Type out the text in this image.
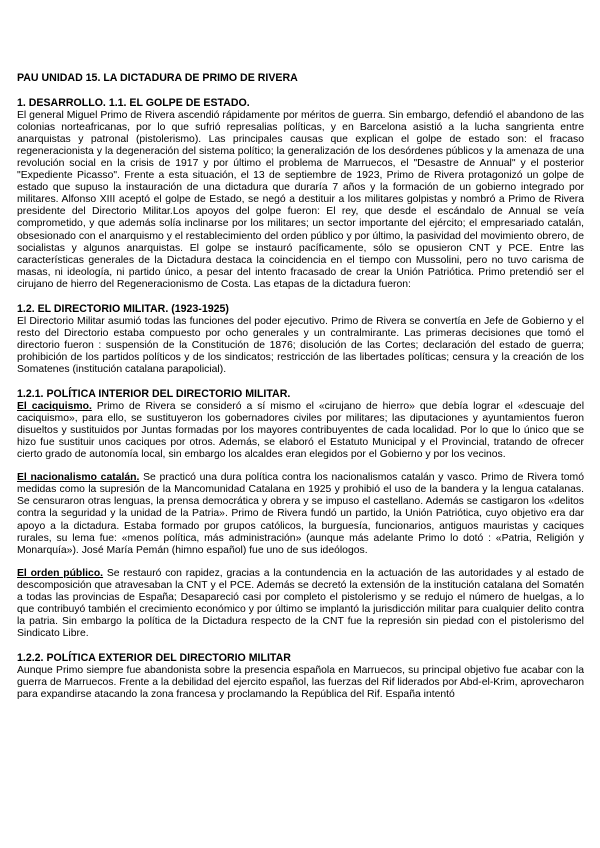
PAU UNIDAD 15. LA DICTADURA DE PRIMO DE RIVERA
1. DESARROLLO. 1.1. EL GOLPE DE ESTADO.

El general Miguel Primo de Rivera ascendió rápidamente por méritos de guerra. Sin embargo, defendió el abandono de las colonias norteafricanas, por lo que sufrió represalias políticas, y en Barcelona asistió a la lucha sangrienta entre anarquistas y patronal (pistolerismo). Las principales causas que explican el golpe de estado son: el fracaso regeneracionista y la degeneración del sistema político; la generalización de los desórdenes públicos y la amenaza de una revolución social en la crisis de 1917 y por último el problema de Marruecos, el "Desastre de Annual" y el posterior "Expediente Picasso". Frente a esta situación, el 13 de septiembre de 1923, Primo de Rivera protagonizó un golpe de estado que supuso la instauración de una dictadura que duraría 7 años y la formación de un gobierno integrado por militares. Alfonso XIII aceptó el golpe de Estado, se negó a destituir a los militares golpistas y nombró a Primo de Rivera presidente del Directorio Militar.Los apoyos del golpe fueron: El rey, que desde el escándalo de Annual se veía comprometido, y que además solía inclinarse por los militares; un sector importante del ejército; el empresariado catalán, obsesionado con el anarquismo y el restablecimiento del orden público y por último, la pasividad del movimiento obrero, de socialistas y algunos anarquistas. El golpe se instauró pacíficamente, sólo se opusieron CNT y PCE. Entre las características generales de la Dictadura destaca la coincidencia en el tiempo con Mussolini, pero no tuvo carisma de masas, ni ideología, ni partido único, a pesar del intento fracasado de crear la Unión Patriótica. Primo pretendió ser el cirujano de hierro del Regeneracionismo de Costa. Las etapas de la dictadura fueron:

1.2. EL DIRECTORIO MILITAR. (1923-1925)

El Directorio Militar asumió todas las funciones del poder ejecutivo. Primo de Rivera se convertía en Jefe de Gobierno y el resto del Directorio estaba compuesto por ocho generales y un contralmirante. Las primeras decisiones que tomó el directorio fueron : suspensión de la Constitución de 1876; disolución de las Cortes; declaración del estado de guerra; prohibición de los partidos políticos y de los sindicatos; restricción de las libertades políticas; censura y la creación de los Somatenes (institución catalana parapolicial).

1.2.1. POLÍTICA INTERIOR DEL DIRECTORIO MILITAR.

El caciquismo. Primo de Rivera se consideró a sí mismo el «cirujano de hierro» que debía lograr el «descuaje del caciquismo», para ello, se sustituyeron los gobernadores civiles por militares; las diputaciones y ayuntamientos fueron disueltos y sustituidos por Juntas formadas por los mayores contribuyentes de cada localidad. Por lo que lo único que se hizo fue sustituir unos caciques por otros. Además, se elaboró el Estatuto Municipal y el Provincial, tratando de ofrecer cierto grado de autonomía local, sin embargo los alcaldes eran elegidos por el Gobierno y por los vecinos.

El nacionalismo catalán. Se practicó una dura política contra los nacionalismos catalán y vasco. Primo de Rivera tomó medidas como la supresión de la Mancomunidad Catalana en 1925 y prohibió el uso de la bandera y la lengua catalanas. Se censuraron otras lenguas, la prensa democrática y obrera y se impuso el castellano. Además se castigaron los «delitos contra la seguridad y la unidad de la Patria». Primo de Rivera fundó un partido, la Unión Patriótica, cuyo objetivo era dar apoyo a la dictadura. Estaba formado por grupos católicos, la burguesía, funcionarios, antiguos mauristas y caciques rurales, su lema fue: «menos política, más administración» (aunque más adelante Primo lo dotó : «Patria, Religión y Monarquía»). José María Pemán (himno español) fue uno de sus ideólogos.

El orden público. Se restauró con rapidez, gracias a la contundencia en la actuación de las autoridades y al estado de descomposición que atravesaban la CNT y el PCE. Además se decretó la extensión de la institución catalana del Somatén a todas las provincias de España; Desapareció casi por completo el pistolerismo y se redujo el número de huelgas, a lo que contribuyó también el crecimiento económico y por último se implantó la jurisdicción militar para cualquier delito contra la patria. Sin embargo la política de la Dictadura respecto de la CNT fue la represión sin piedad con el pistolerismo del Sindicato Libre.

1.2.2. POLÍTICA EXTERIOR DEL DIRECTORIO MILITAR

Aunque Primo siempre fue abandonista sobre la presencia española en Marruecos, su principal objetivo fue acabar con la guerra de Marruecos. Frente a la debilidad del ejercito español, las fuerzas del Rif liderados por Abd-el-Krim, aprovecharon para expandirse atacando la zona francesa y proclamando la República del Rif. España intentó
